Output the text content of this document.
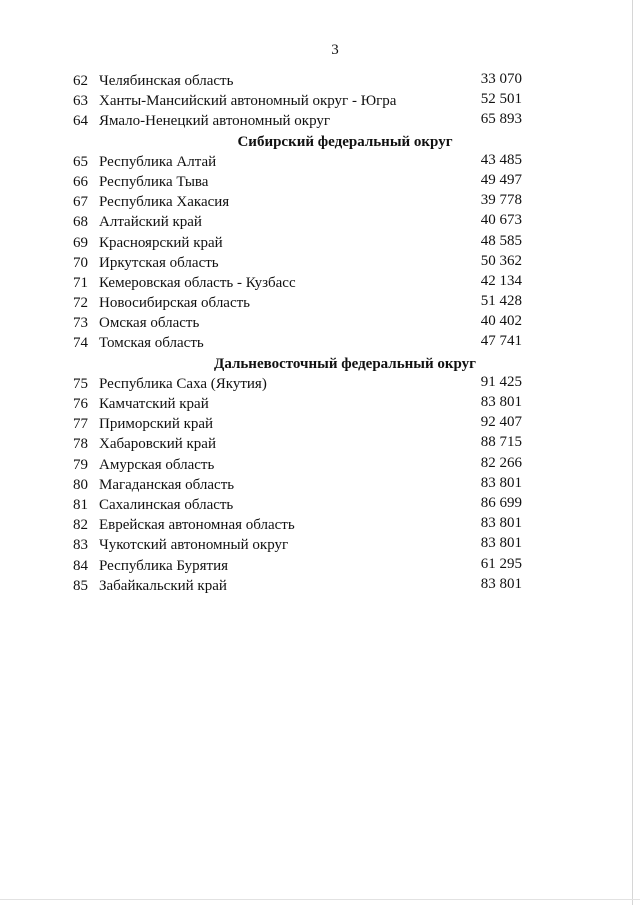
3
62 Челябинская область	33 070
63 Ханты-Мансийский автономный округ - Югра	52 501
64 Ямало-Ненецкий автономный округ	65 893
Сибирский федеральный округ
65 Республика Алтай	43 485
66 Республика Тыва	49 497
67 Республика Хакасия	39 778
68 Алтайский край	40 673
69 Красноярский край	48 585
70 Иркутская область	50 362
71 Кемеровская область - Кузбасс	42 134
72 Новосибирская область	51 428
73 Омская область	40 402
74 Томская область	47 741
Дальневосточный федеральный округ
75 Республика Саха (Якутия)	91 425
76 Камчатский край	83 801
77 Приморский край	92 407
78 Хабаровский край	88 715
79 Амурская область	82 266
80 Магаданская область	83 801
81 Сахалинская область	86 699
82 Еврейская автономная область	83 801
83 Чукотский автономный округ	83 801
84 Республика Бурятия	61 295
85 Забайкальский край	83 801
